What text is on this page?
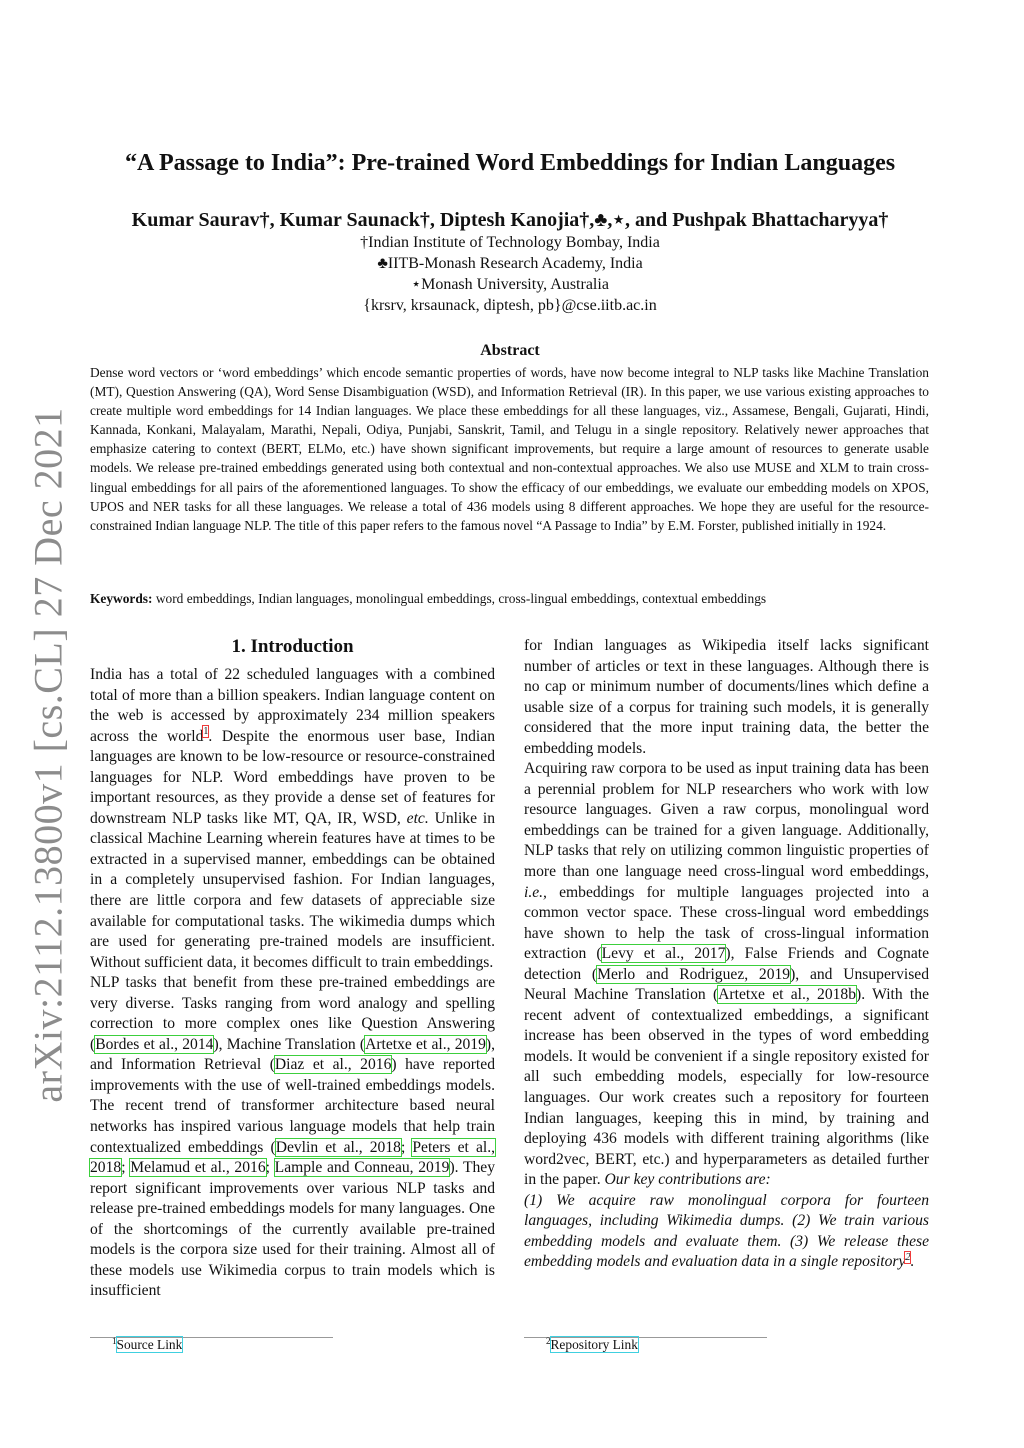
arXiv:2112.13800v1 [cs.CL] 27 Dec 2021
“A Passage to India”: Pre-trained Word Embeddings for Indian Languages
Kumar Saurav†, Kumar Saunack†, Diptesh Kanojia†,♣,⋆, and Pushpak Bhattacharyya†
†Indian Institute of Technology Bombay, India
♣IITB-Monash Research Academy, India
⋆Monash University, Australia
{krsrv, krsaunack, diptesh, pb}@cse.iitb.ac.in
Abstract
Dense word vectors or ‘word embeddings’ which encode semantic properties of words, have now become integral to NLP tasks like Machine Translation (MT), Question Answering (QA), Word Sense Disambiguation (WSD), and Information Retrieval (IR). In this paper, we use various existing approaches to create multiple word embeddings for 14 Indian languages. We place these embeddings for all these languages, viz., Assamese, Bengali, Gujarati, Hindi, Kannada, Konkani, Malayalam, Marathi, Nepali, Odiya, Punjabi, Sanskrit, Tamil, and Telugu in a single repository. Relatively newer approaches that emphasize catering to context (BERT, ELMo, etc.) have shown significant improvements, but require a large amount of resources to generate usable models. We release pre-trained embeddings generated using both contextual and non-contextual approaches. We also use MUSE and XLM to train cross-lingual embeddings for all pairs of the aforementioned languages. To show the efficacy of our embeddings, we evaluate our embedding models on XPOS, UPOS and NER tasks for all these languages. We release a total of 436 models using 8 different approaches. We hope they are useful for the resource-constrained Indian language NLP. The title of this paper refers to the famous novel “A Passage to India” by E.M. Forster, published initially in 1924.
Keywords: word embeddings, Indian languages, monolingual embeddings, cross-lingual embeddings, contextual embeddings
1. Introduction

India has a total of 22 scheduled languages with a combined total of more than a billion speakers. Indian language content on the web is accessed by approximately 234 million speakers across the world$^1$. Despite the enormous user base, Indian languages are known to be low-resource or resource-constrained languages for NLP. Word embeddings have proven to be important resources, as they provide a dense set of features for downstream NLP tasks like MT, QA, IR, WSD, etc. Unlike in classical Machine Learning wherein features have at times to be extracted in a supervised manner, embeddings can be obtained in a completely unsupervised fashion. For Indian languages, there are little corpora and few datasets of appreciable size available for computational tasks. The wikimedia dumps which are used for generating pre-trained models are insufficient. Without sufficient data, it becomes difficult to train embeddings.

NLP tasks that benefit from these pre-trained embeddings are very diverse. Tasks ranging from word analogy and spelling correction to more complex ones like Question Answering (Bordes et al., 2014), Machine Translation (Artetxe et al., 2019), and Information Retrieval (Diaz et al., 2016) have reported improvements with the use of well-trained embeddings models. The recent trend of transformer architecture based neural networks has inspired various language models that help train contextualized embeddings (Devlin et al., 2018; Peters et al., 2018; Melamud et al., 2016; Lample and Conneau, 2019). They report significant improvements over various NLP tasks and release pre-trained embeddings models for many languages. One of the shortcomings of the currently available pre-trained models is the corpora size used for their training. Almost all of these models use Wikimedia corpus to train models which is insufficient

for Indian languages as Wikipedia itself lacks significant number of articles or text in these languages. Although there is no cap or minimum number of documents/lines which define a usable size of a corpus for training such models, it is generally considered that the more input training data, the better the embedding models.

Acquiring raw corpora to be used as input training data has been a perennial problem for NLP researchers who work with low resource languages. Given a raw corpus, monolingual word embeddings can be trained for a given language. Additionally, NLP tasks that rely on utilizing common linguistic properties of more than one language need cross-lingual word embeddings, i.e., embeddings for multiple languages projected into a common vector space. These cross-lingual word embeddings have shown to help the task of cross-lingual information extraction (Levy et al., 2017), False Friends and Cognate detection (Merlo and Rodriguez, 2019), and Unsupervised Neural Machine Translation (Artetxe et al., 2018b). With the recent advent of contextualized embeddings, a significant increase has been observed in the types of word embedding models. It would be convenient if a single repository existed for all such embedding models, especially for low-resource languages. Our work creates such a repository for fourteen Indian languages, keeping this in mind, by training and deploying 436 models with different training algorithms (like word2vec, BERT, etc.) and hyperparameters as detailed further in the paper. Our key contributions are:

(1) We acquire raw monolingual corpora for fourteen languages, including Wikimedia dumps. (2) We train various embedding models and evaluate them. (3) We release these embedding models and evaluation data in a single repository$^2$.

$^1$Source Link	$^2$Repository Link
